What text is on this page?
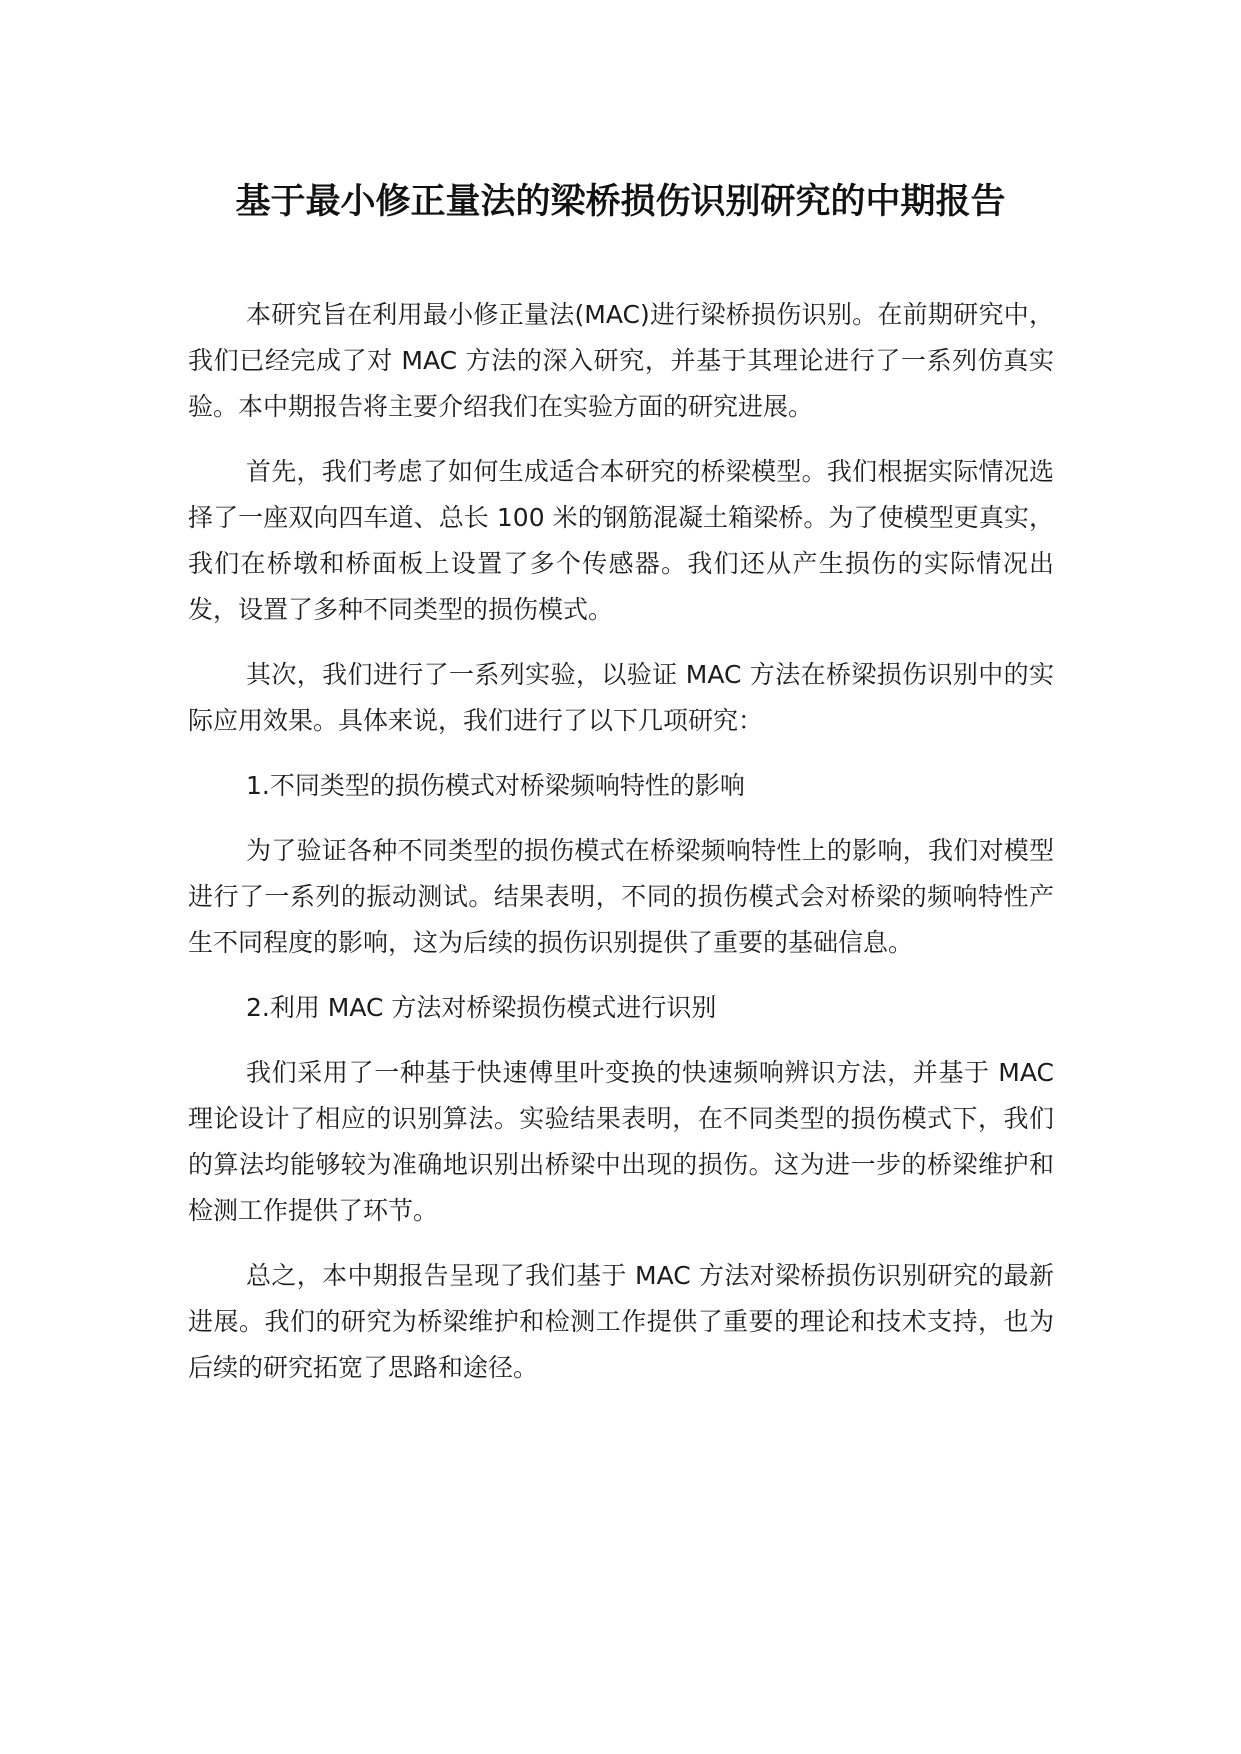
基于最小修正量法的梁桥损伤识别研究的中期报告

本研究旨在利用最小修正量法(MAC)进行梁桥损伤识别。在前期研究中，我们已经完成了对 MAC 方法的深入研究，并基于其理论进行了一系列仿真实验。本中期报告将主要介绍我们在实验方面的研究进展。

首先，我们考虑了如何生成适合本研究的桥梁模型。我们根据实际情况选择了一座双向四车道、总长 100 米的钢筋混凝土箱梁桥。为了使模型更真实，我们在桥墩和桥面板上设置了多个传感器。我们还从产生损伤的实际情况出发，设置了多种不同类型的损伤模式。

其次，我们进行了一系列实验，以验证 MAC 方法在桥梁损伤识别中的实际应用效果。具体来说，我们进行了以下几项研究：

1.不同类型的损伤模式对桥梁频响特性的影响

为了验证各种不同类型的损伤模式在桥梁频响特性上的影响，我们对模型进行了一系列的振动测试。结果表明，不同的损伤模式会对桥梁的频响特性产生不同程度的影响，这为后续的损伤识别提供了重要的基础信息。

2.利用 MAC 方法对桥梁损伤模式进行识别

我们采用了一种基于快速傅里叶变换的快速频响辨识方法，并基于 MAC 理论设计了相应的识别算法。实验结果表明，在不同类型的损伤模式下，我们的算法均能够较为准确地识别出桥梁中出现的损伤。这为进一步的桥梁维护和检测工作提供了环节。

总之，本中期报告呈现了我们基于 MAC 方法对梁桥损伤识别研究的最新进展。我们的研究为桥梁维护和检测工作提供了重要的理论和技术支持，也为后续的研究拓宽了思路和途径。
